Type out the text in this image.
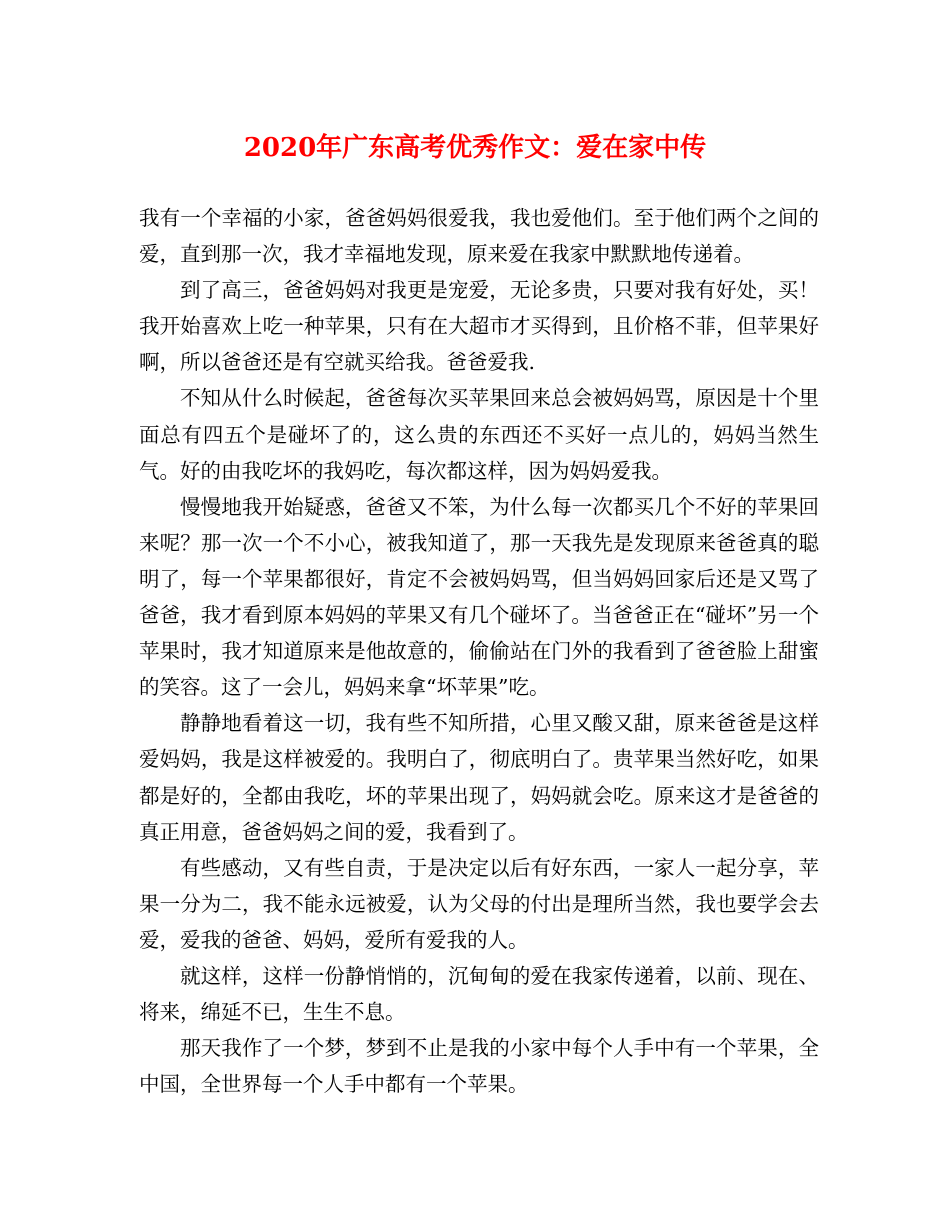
2020年广东高考优秀作文：爱在家中传

我有一个幸福的小家，爸爸妈妈很爱我，我也爱他们。至于他们两个之间的爱，直到那一次，我才幸福地发现，原来爱在我家中默默地传递着。

到了高三，爸爸妈妈对我更是宠爱，无论多贵，只要对我有好处，买！我开始喜欢上吃一种苹果，只有在大超市才买得到，且价格不菲，但苹果好啊，所以爸爸还是有空就买给我。爸爸爱我.

不知从什么时候起，爸爸每次买苹果回来总会被妈妈骂，原因是十个里面总有四五个是碰坏了的，这么贵的东西还不买好一点儿的，妈妈当然生气。好的由我吃坏的我妈吃，每次都这样，因为妈妈爱我。

慢慢地我开始疑惑，爸爸又不笨，为什么每一次都买几个不好的苹果回来呢？那一次一个不小心，被我知道了，那一天我先是发现原来爸爸真的聪明了，每一个苹果都很好，肯定不会被妈妈骂，但当妈妈回家后还是又骂了爸爸，我才看到原本妈妈的苹果又有几个碰坏了。当爸爸正在“碰坏”另一个苹果时，我才知道原来是他故意的，偷偷站在门外的我看到了爸爸脸上甜蜜的笑容。这了一会儿，妈妈来拿“坏苹果”吃。

静静地看着这一切，我有些不知所措，心里又酸又甜，原来爸爸是这样爱妈妈，我是这样被爱的。我明白了，彻底明白了。贵苹果当然好吃，如果都是好的，全都由我吃，坏的苹果出现了，妈妈就会吃。原来这才是爸爸的真正用意，爸爸妈妈之间的爱，我看到了。

有些感动，又有些自责，于是决定以后有好东西，一家人一起分享，苹果一分为二，我不能永远被爱，认为父母的付出是理所当然，我也要学会去爱，爱我的爸爸、妈妈，爱所有爱我的人。

就这样，这样一份静悄悄的，沉甸甸的爱在我家传递着，以前、现在、将来，绵延不已，生生不息。

那天我作了一个梦，梦到不止是我的小家中每个人手中有一个苹果，全中国，全世界每一个人手中都有一个苹果。
